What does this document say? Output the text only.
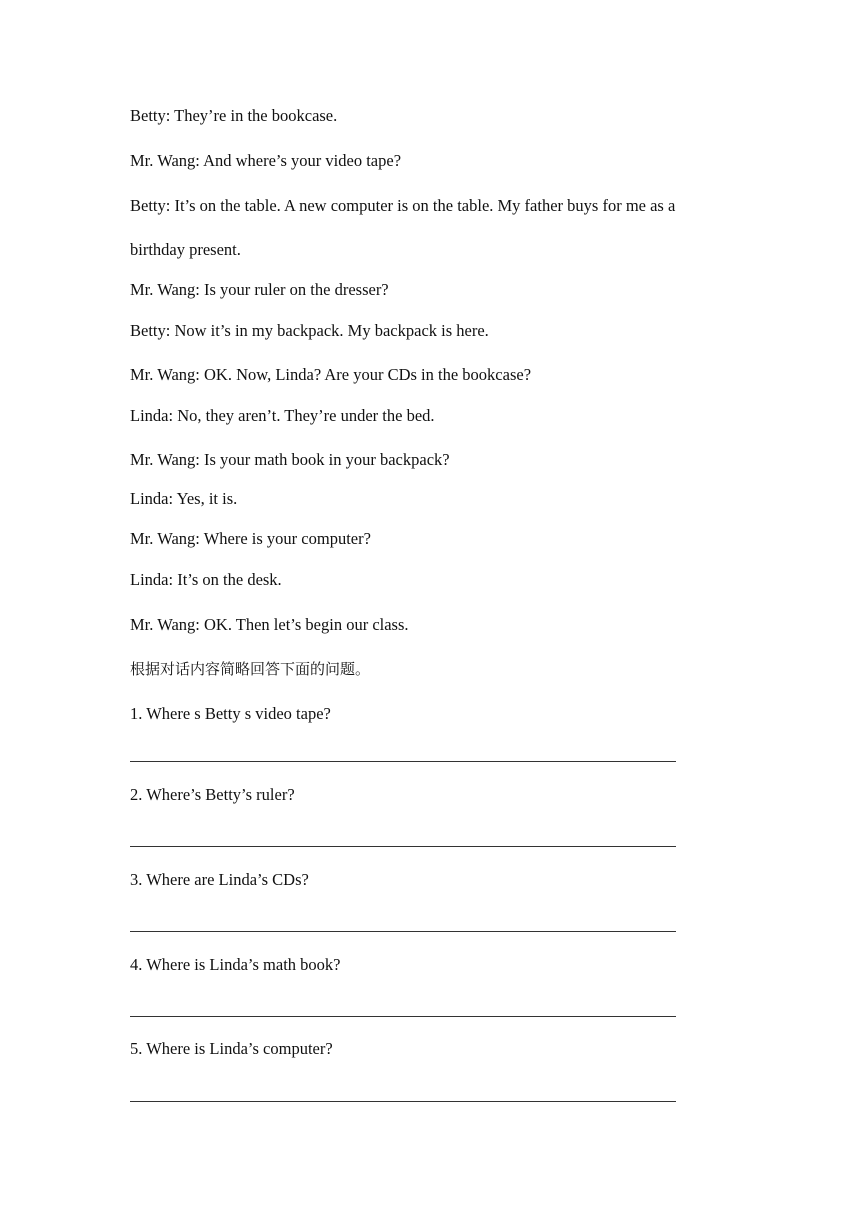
Betty: They’re in the bookcase.
Mr. Wang: And where’s your video tape?
Betty: It’s on the table. A new computer is on the table. My father buys for me as a
birthday present.
Mr. Wang: Is your ruler on the dresser?
Betty: Now it’s in my backpack. My backpack is here.
Mr. Wang: OK. Now, Linda? Are your CDs in the bookcase?
Linda: No, they aren’t. They’re under the bed.
Mr. Wang: Is your math book in your backpack?
Linda: Yes, it is.
Mr. Wang: Where is your computer?
Linda: It’s on the desk.
Mr. Wang: OK. Then let’s begin our class.
根据对话内容简略回答下面的问题。
1. Where s Betty s video tape?
2. Where’s Betty’s ruler?
3. Where are Linda’s CDs?
4. Where is Linda’s math book?
5. Where is Linda’s computer?
